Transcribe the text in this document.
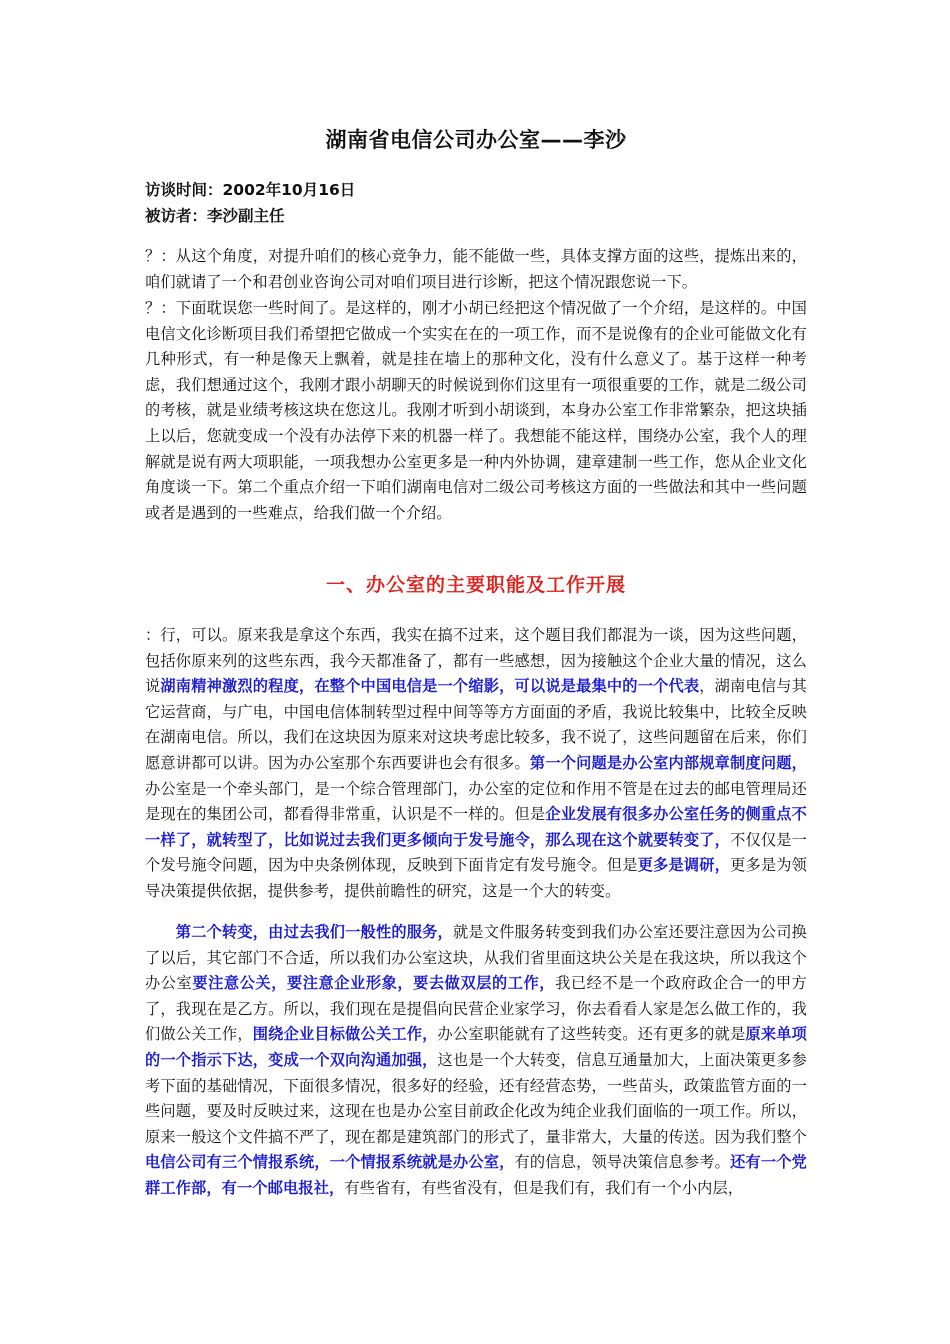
湖南省电信公司办公室——李沙

访谈时间：2002年10月16日

被访者：李沙副主任

？：从这个角度，对提升咱们的核心竞争力，能不能做一些，具体支撑方面的这些，提炼出来的，咱们就请了一个和君创业咨询公司对咱们项目进行诊断，把这个情况跟您说一下。

？：下面耽误您一些时间了。是这样的，刚才小胡已经把这个情况做了一个介绍，是这样的。中国电信文化诊断项目我们希望把它做成一个实实在在的一项工作，而不是说像有的企业可能做文化有几种形式，有一种是像天上飘着，就是挂在墙上的那种文化，没有什么意义了。基于这样一种考虑，我们想通过这个，我刚才跟小胡聊天的时候说到你们这里有一项很重要的工作，就是二级公司的考核，就是业绩考核这块在您这儿。我刚才听到小胡谈到，本身办公室工作非常繁杂，把这块插上以后，您就变成一个没有办法停下来的机器一样了。我想能不能这样，围绕办公室，我个人的理解就是说有两大项职能，一项我想办公室更多是一种内外协调，建章建制一些工作，您从企业文化角度谈一下。第二个重点介绍一下咱们湖南电信对二级公司考核这方面的一些做法和其中一些问题或者是遇到的一些难点，给我们做一个介绍。

一、办公室的主要职能及工作开展

：行，可以。原来我是拿这个东西，我实在搞不过来，这个题目我们都混为一谈，因为这些问题，包括你原来列的这些东西，我今天都准备了，都有一些感想，因为接触这个企业大量的情况，这么说湖南精神激烈的程度，在整个中国电信是一个缩影，可以说是最集中的一个代表，湖南电信与其它运营商，与广电，中国电信体制转型过程中间等等方方面面的矛盾，我说比较集中，比较全反映在湖南电信。所以，我们在这块因为原来对这块考虑比较多，我不说了，这些问题留在后来，你们愿意讲都可以讲。因为办公室那个东西要讲也会有很多。第一个问题是办公室内部规章制度问题，办公室是一个牵头部门，是一个综合管理部门，办公室的定位和作用不管是在过去的邮电管理局还是现在的集团公司，都看得非常重，认识是不一样的。但是企业发展有很多办公室任务的侧重点不一样了，就转型了，比如说过去我们更多倾向于发号施令，那么现在这个就要转变了，不仅仅是一个发号施令问题，因为中央条例体现，反映到下面肯定有发号施令。但是更多是调研，更多是为领导决策提供依据，提供参考，提供前瞻性的研究，这是一个大的转变。

　　第二个转变，由过去我们一般性的服务，就是文件服务转变到我们办公室还要注意因为公司换了以后，其它部门不合适，所以我们办公室这块，从我们省里面这块公关是在我这块，所以我这个办公室要注意公关，要注意企业形象，要去做双层的工作，我已经不是一个政府政企合一的甲方了，我现在是乙方。所以，我们现在是提倡向民营企业家学习，你去看看人家是怎么做工作的，我们做公关工作，围绕企业目标做公关工作，办公室职能就有了这些转变。还有更多的就是原来单项的一个指示下达，变成一个双向沟通加强，这也是一个大转变，信息互通量加大，上面决策更多参考下面的基础情况，下面很多情况，很多好的经验，还有经营态势，一些苗头，政策监管方面的一些问题，要及时反映过来，这现在也是办公室目前政企化改为纯企业我们面临的一项工作。所以，原来一般这个文件搞不严了，现在都是建筑部门的形式了，量非常大，大量的传送。因为我们整个电信公司有三个情报系统，一个情报系统就是办公室，有的信息，领导决策信息参考。还有一个党群工作部，有一个邮电报社，有些省有，有些省没有，但是我们有，我们有一个小内层，
